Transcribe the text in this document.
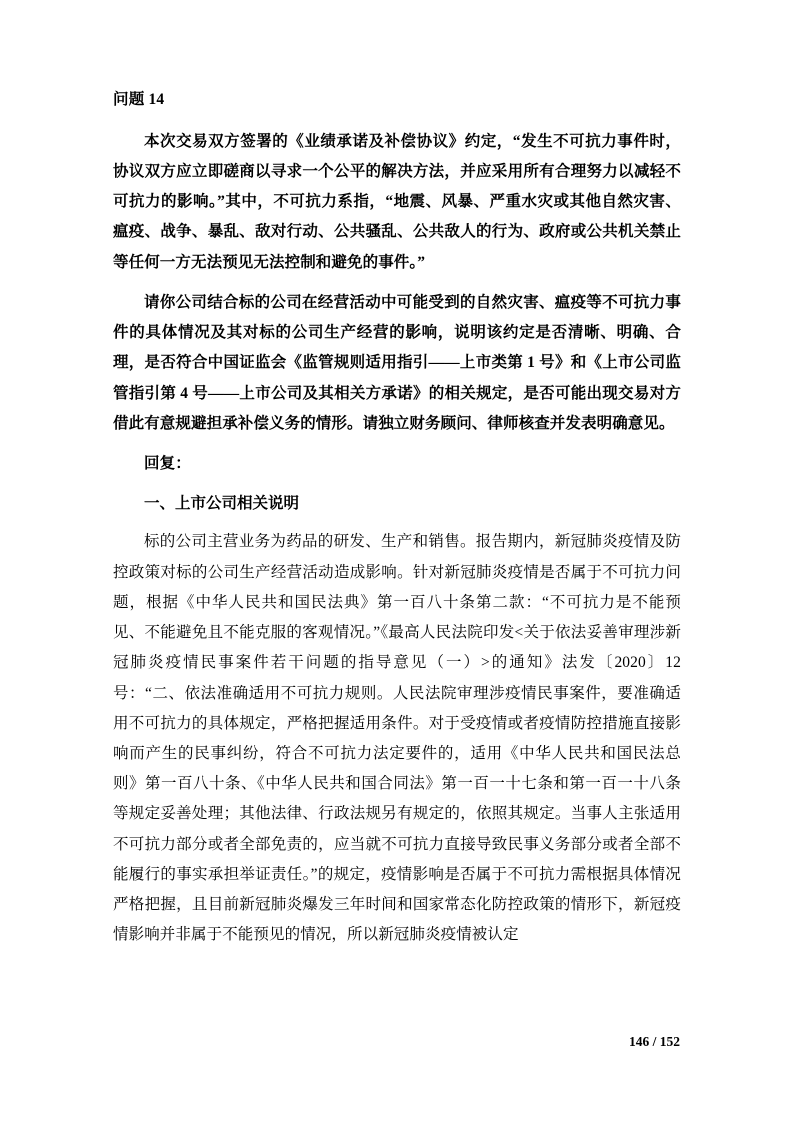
问题 14

本次交易双方签署的《业绩承诺及补偿协议》约定，“发生不可抗力事件时，协议双方应立即磋商以寻求一个公平的解决方法，并应采用所有合理努力以减轻不可抗力的影响。”其中，不可抗力系指，“地震、风暴、严重水灾或其他自然灾害、瘟疫、战争、暴乱、敌对行动、公共骚乱、公共敌人的行为、政府或公共机关禁止等任何一方无法预见无法控制和避免的事件。”

请你公司结合标的公司在经营活动中可能受到的自然灾害、瘟疫等不可抗力事件的具体情况及其对标的公司生产经营的影响，说明该约定是否清晰、明确、合理，是否符合中国证监会《监管规则适用指引——上市类第 1 号》和《上市公司监管指引第 4 号——上市公司及其相关方承诺》的相关规定，是否可能出现交易对方借此有意规避担承补偿义务的情形。请独立财务顾问、律师核查并发表明确意见。

回复：

一、上市公司相关说明

标的公司主营业务为药品的研发、生产和销售。报告期内，新冠肺炎疫情及防控政策对标的公司生产经营活动造成影响。针对新冠肺炎疫情是否属于不可抗力问题，根据《中华人民共和国民法典》第一百八十条第二款：“不可抗力是不能预见、不能避免且不能克服的客观情况。”《最高人民法院印发<关于依法妥善审理涉新冠肺炎疫情民事案件若干问题的指导意见（一）>的通知》法发〔2020〕12 号：“二、依法准确适用不可抗力规则。人民法院审理涉疫情民事案件，要准确适用不可抗力的具体规定，严格把握适用条件。对于受疫情或者疫情防控措施直接影响而产生的民事纠纷，符合不可抗力法定要件的，适用《中华人民共和国民法总则》第一百八十条、《中华人民共和国合同法》第一百一十七条和第一百一十八条等规定妥善处理；其他法律、行政法规另有规定的，依照其规定。当事人主张适用不可抗力部分或者全部免责的，应当就不可抗力直接导致民事义务部分或者全部不能履行的事实承担举证责任。”的规定，疫情影响是否属于不可抗力需根据具体情况严格把握，且目前新冠肺炎爆发三年时间和国家常态化防控政策的情形下，新冠疫情影响并非属于不能预见的情况，所以新冠肺炎疫情被认定

146 / 152
